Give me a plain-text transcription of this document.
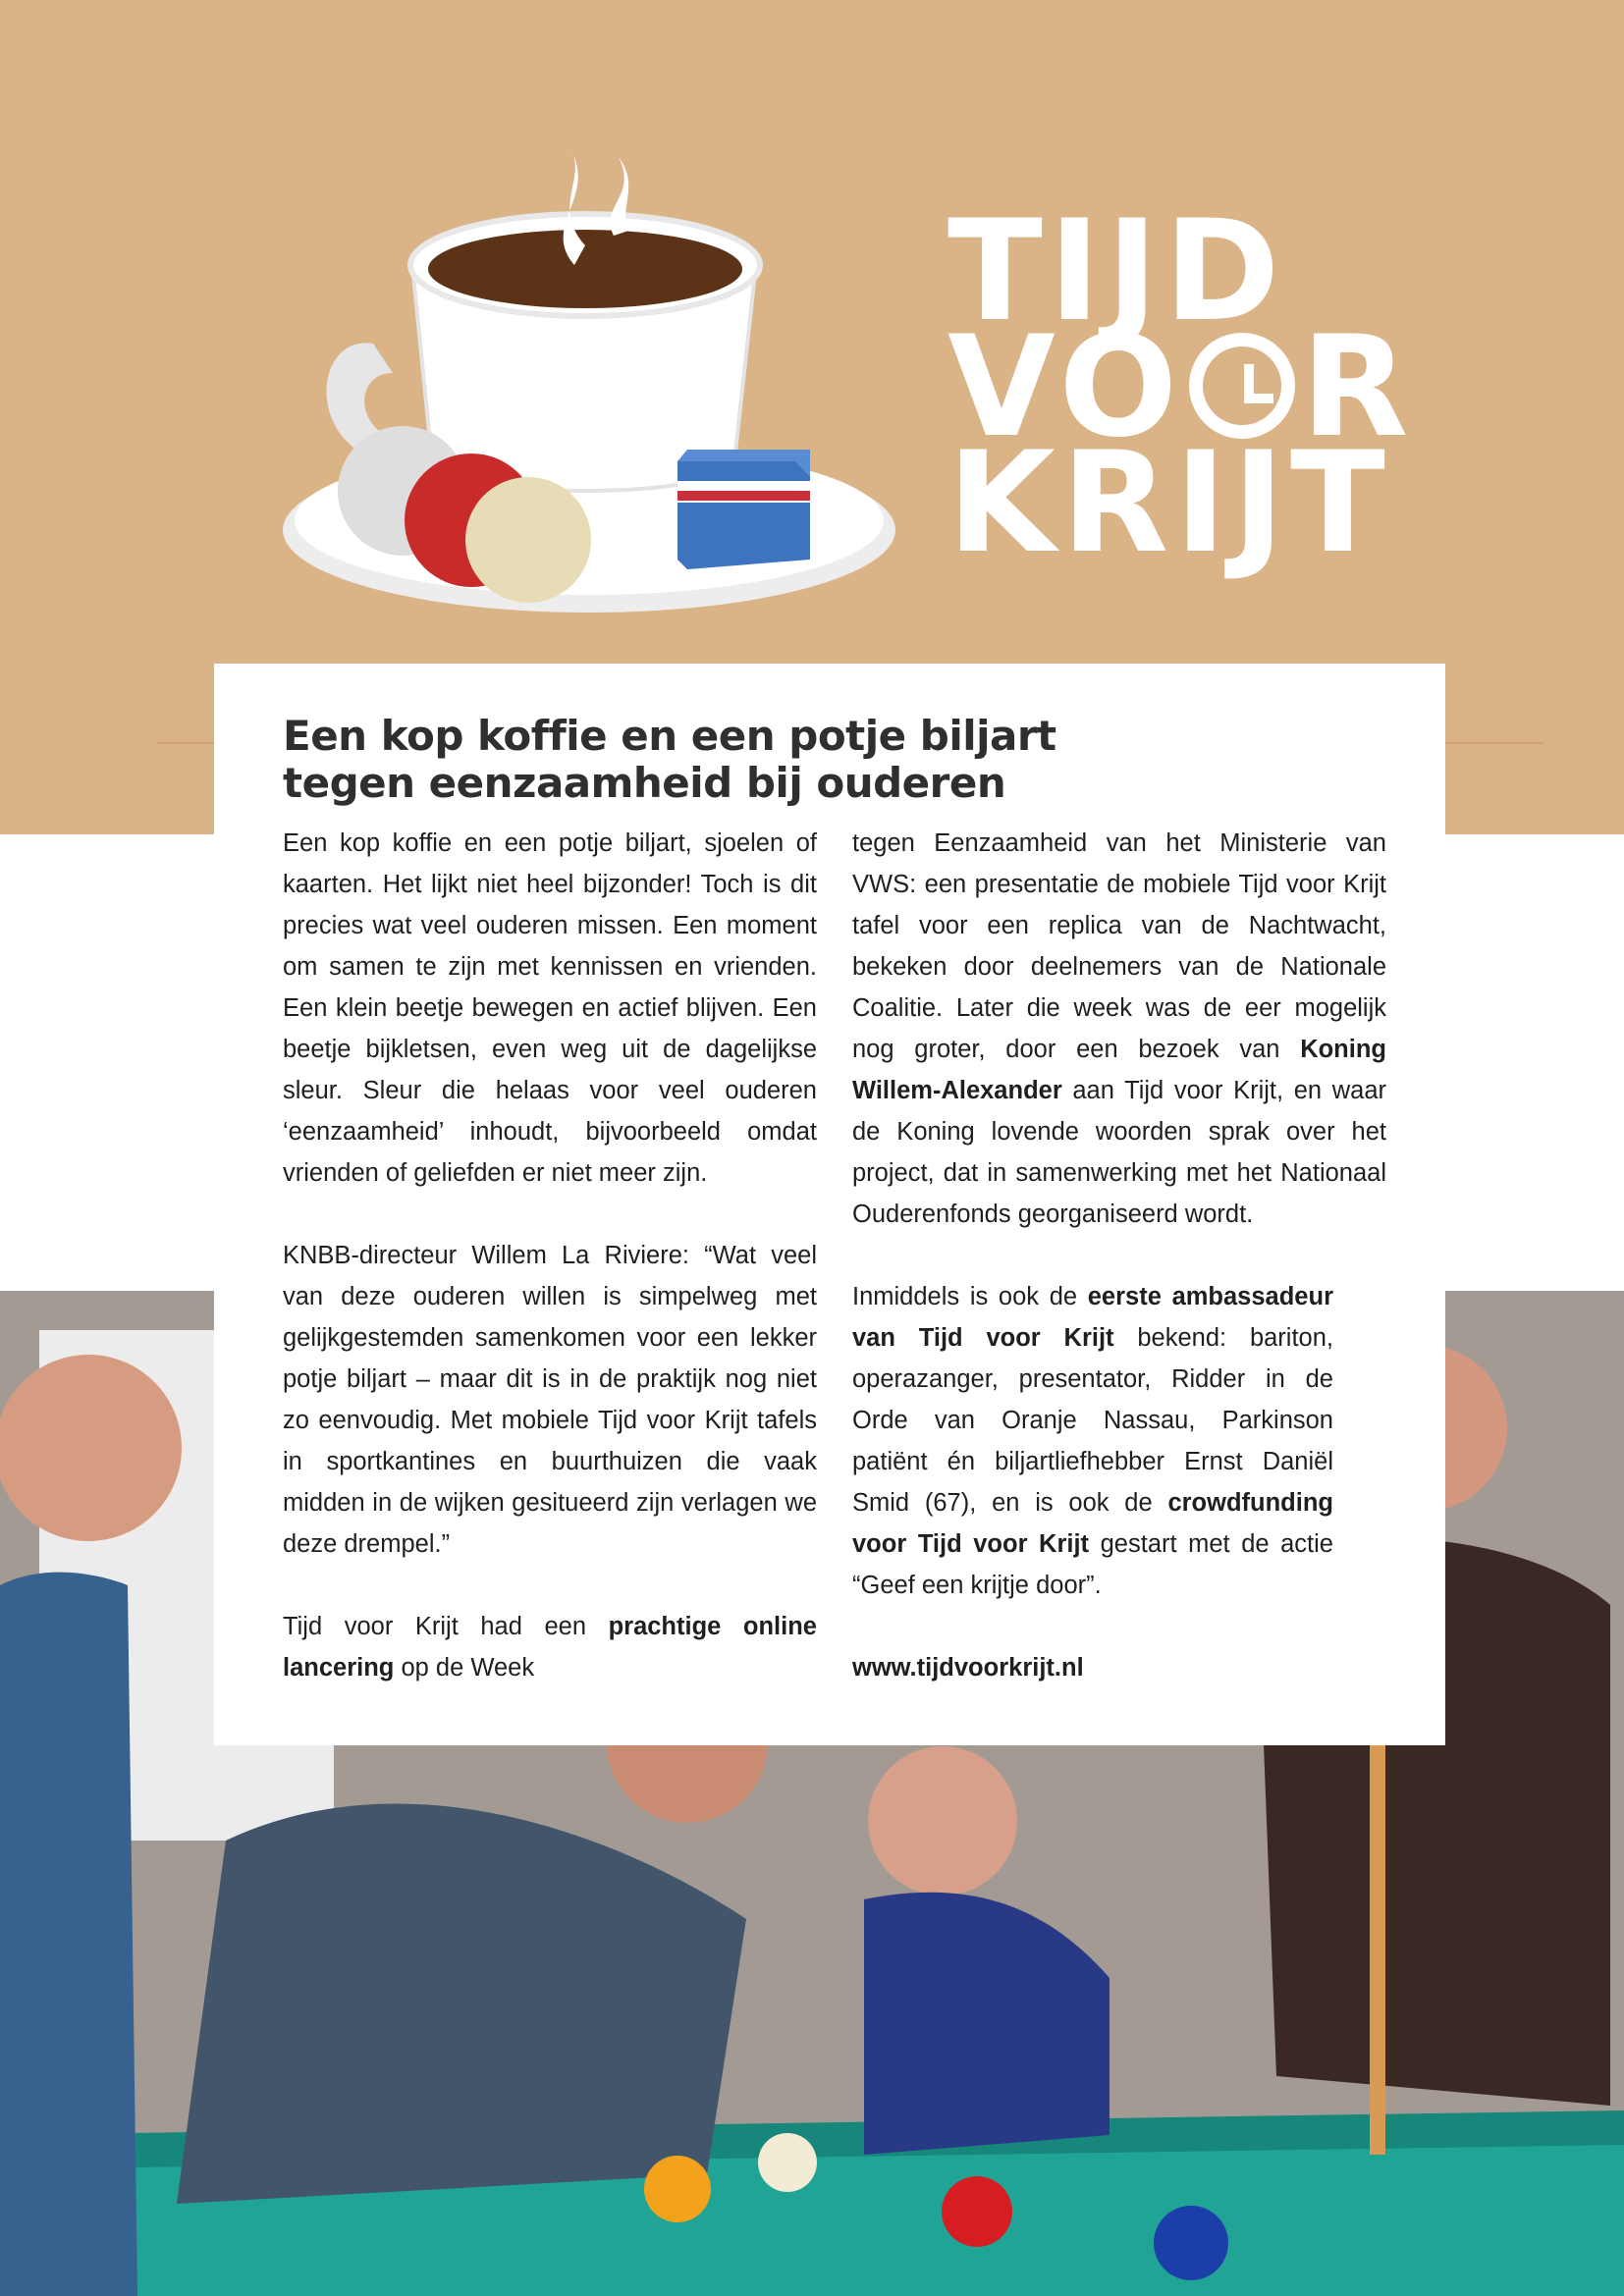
TIJD
VO R
KRIJT
Een kop koffie en een potje biljart
tegen eenzaamheid bij ouderen

Een kop koffie en een potje biljart, sjoelen of kaarten. Het lijkt niet heel bijzonder! Toch is dit precies wat veel ouderen missen. Een moment om samen te zijn met kennissen en vrienden. Een klein beetje bewegen en actief blijven. Een beetje bijkletsen, even weg uit de dagelijkse sleur. Sleur die helaas voor veel ouderen ‘eenzaamheid’ inhoudt, bijvoorbeeld omdat vrienden of geliefden er niet meer zijn.

KNBB-directeur Willem La Riviere: “Wat veel van deze ouderen willen is simpelweg met gelijkgestemden samenkomen voor een lekker potje biljart – maar dit is in de praktijk nog niet zo eenvoudig. Met mobiele Tijd voor Krijt tafels in sportkantines en buurthuizen die vaak midden in de wijken gesitueerd zijn verlagen we deze drempel.”

Tijd voor Krijt had een prachtige online lancering op de Week

tegen Eenzaamheid van het Ministerie van VWS: een presentatie de mobiele Tijd voor Krijt tafel voor een replica van de Nachtwacht, bekeken door deelnemers van de Nationale Coalitie. Later die week was de eer mogelijk nog groter, door een bezoek van Koning Willem-Alexander aan Tijd voor Krijt, en waar de Koning lovende woorden sprak over het project, dat in samenwerking met het Nationaal Ouderenfonds georganiseerd wordt.

Inmiddels is ook de eerste ambassadeur van Tijd voor Krijt bekend: bariton, operazanger, presentator, Ridder in de Orde van Oranje Nassau, Parkinson patiënt én biljartliefhebber Ernst Daniël Smid (67), en is ook de crowdfunding voor Tijd voor Krijt gestart met de actie “Geef een krijtje door”.

www.tijdvoorkrijt.nl
